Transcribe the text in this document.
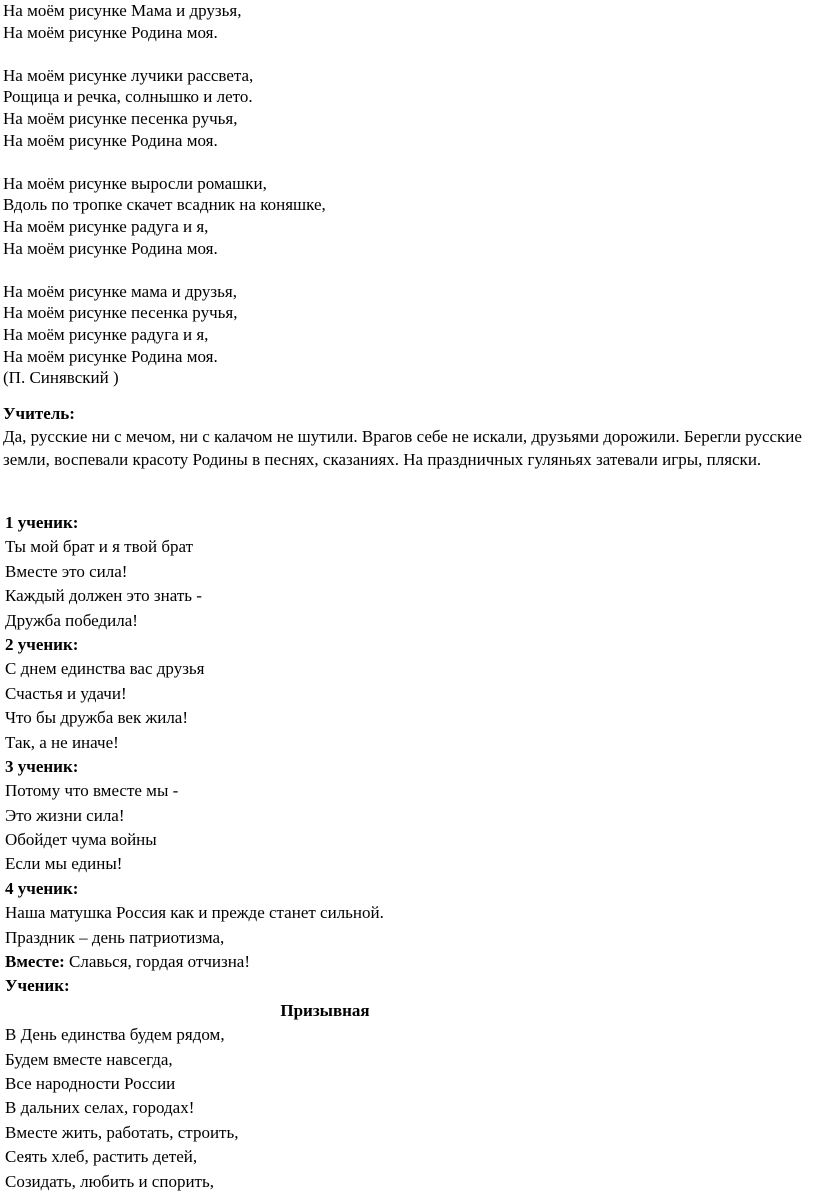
На моём рисунке Мама и друзья,
На моём рисунке Родина моя.
На моём рисунке лучики рассвета,
Рощица и речка, солнышко и лето.
На моём рисунке песенка ручья,
На моём рисунке Родина моя.
На моём рисунке выросли ромашки,
Вдоль по тропке скачет всадник на коняшке,
На моём рисунке радуга и я,
На моём рисунке Родина моя.
На моём рисунке мама и друзья,
На моём рисунке песенка ручья,
На моём рисунке радуга и я,
На моём рисунке Родина моя.
(П. Синявский )
Учитель:
Да, русские ни с мечом, ни с калачом не шутили. Врагов себе не искали, друзьями дорожили. Берегли русские земли, воспевали красоту Родины в песнях, сказаниях. На праздничных гуляньях затевали игры, пляски.
1 ученик:
Ты мой брат и я твой брат
Вместе это сила!
Каждый должен это знать -
Дружба победила!
2 ученик:
С днем единства вас друзья
Счастья и удачи!
Что бы дружба век жила!
Так, а не иначе!
3 ученик:
Потому что вместе мы -
Это жизни сила!
Обойдет чума войны
Если мы едины!
4 ученик:
Наша матушка Россия как и прежде станет сильной.
Праздник – день патриотизма,
Вместе: Славься, гордая отчизна!
Ученик:
Призывная
В День единства будем рядом,
Будем вместе навсегда,
Все народности России
В дальних селах, городах!
Вместе жить, работать, строить,
Сеять хлеб, растить детей,
Созидать, любить и спорить,
